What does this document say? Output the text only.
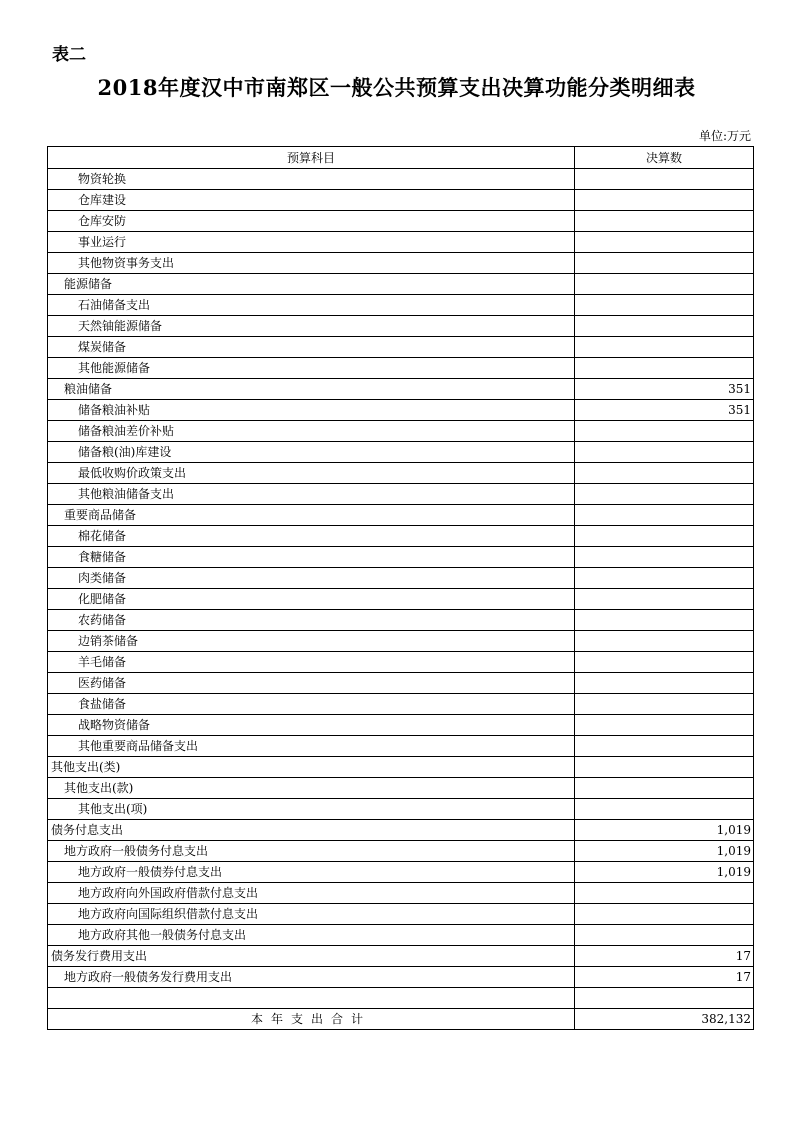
表二
2018年度汉中市南郑区一般公共预算支出决算功能分类明细表
单位:万元
预算科目	决算数
物资轮换	
仓库建设	
仓库安防	
事业运行	
其他物资事务支出	
能源储备	
石油储备支出	
天然铀能源储备	
煤炭储备	
其他能源储备	
粮油储备	351
储备粮油补贴	351
储备粮油差价补贴	
储备粮(油)库建设	
最低收购价政策支出	
其他粮油储备支出	
重要商品储备	
棉花储备	
食糖储备	
肉类储备	
化肥储备	
农药储备	
边销茶储备	
羊毛储备	
医药储备	
食盐储备	
战略物资储备	
其他重要商品储备支出	
其他支出(类)	
其他支出(款)	
其他支出(项)	
债务付息支出	1,019
地方政府一般债务付息支出	1,019
地方政府一般债券付息支出	1,019
地方政府向外国政府借款付息支出	
地方政府向国际组织借款付息支出	
地方政府其他一般债务付息支出	
债务发行费用支出	17
地方政府一般债务发行费用支出	17

本年支出合计	382,132
